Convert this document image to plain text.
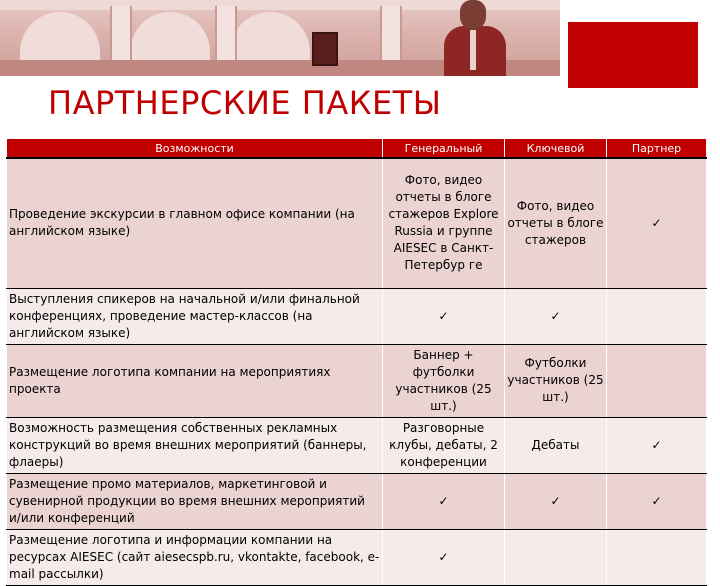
ПАРТНЕРСКИЕ ПАКЕТЫ
Возможности	Генеральный	Ключевой	Партнер
Проведение экскурсии в главном офисе компании (на английском языке)	Фото, видео отчеты в блоге стажеров Explore Russia и группе AIESEC в Санкт-Петербур ге	Фото, видео отчеты в блоге стажеров	✓
Выступления спикеров на начальной и/или финальной конференциях, проведение мастер-классов (на английском языке)	✓	✓	
Размещение логотипа компании на мероприятиях проекта	Баннер + футболки участников (25 шт.)	Футболки участников (25 шт.)	
Возможность размещения собственных рекламных конструкций во время внешних мероприятий (баннеры, флаеры)	Разговорные клубы, дебаты, 2 конференции	Дебаты	✓
Размещение промо материалов, маркетинговой и сувенирной продукции во время внешних мероприятий и/или конференций	✓	✓	✓
Размещение логотипа и информации компании на ресурсах AIESEC (сайт aiesecspb.ru, vkontakte, facebook, e-mail рассылки)	✓		
